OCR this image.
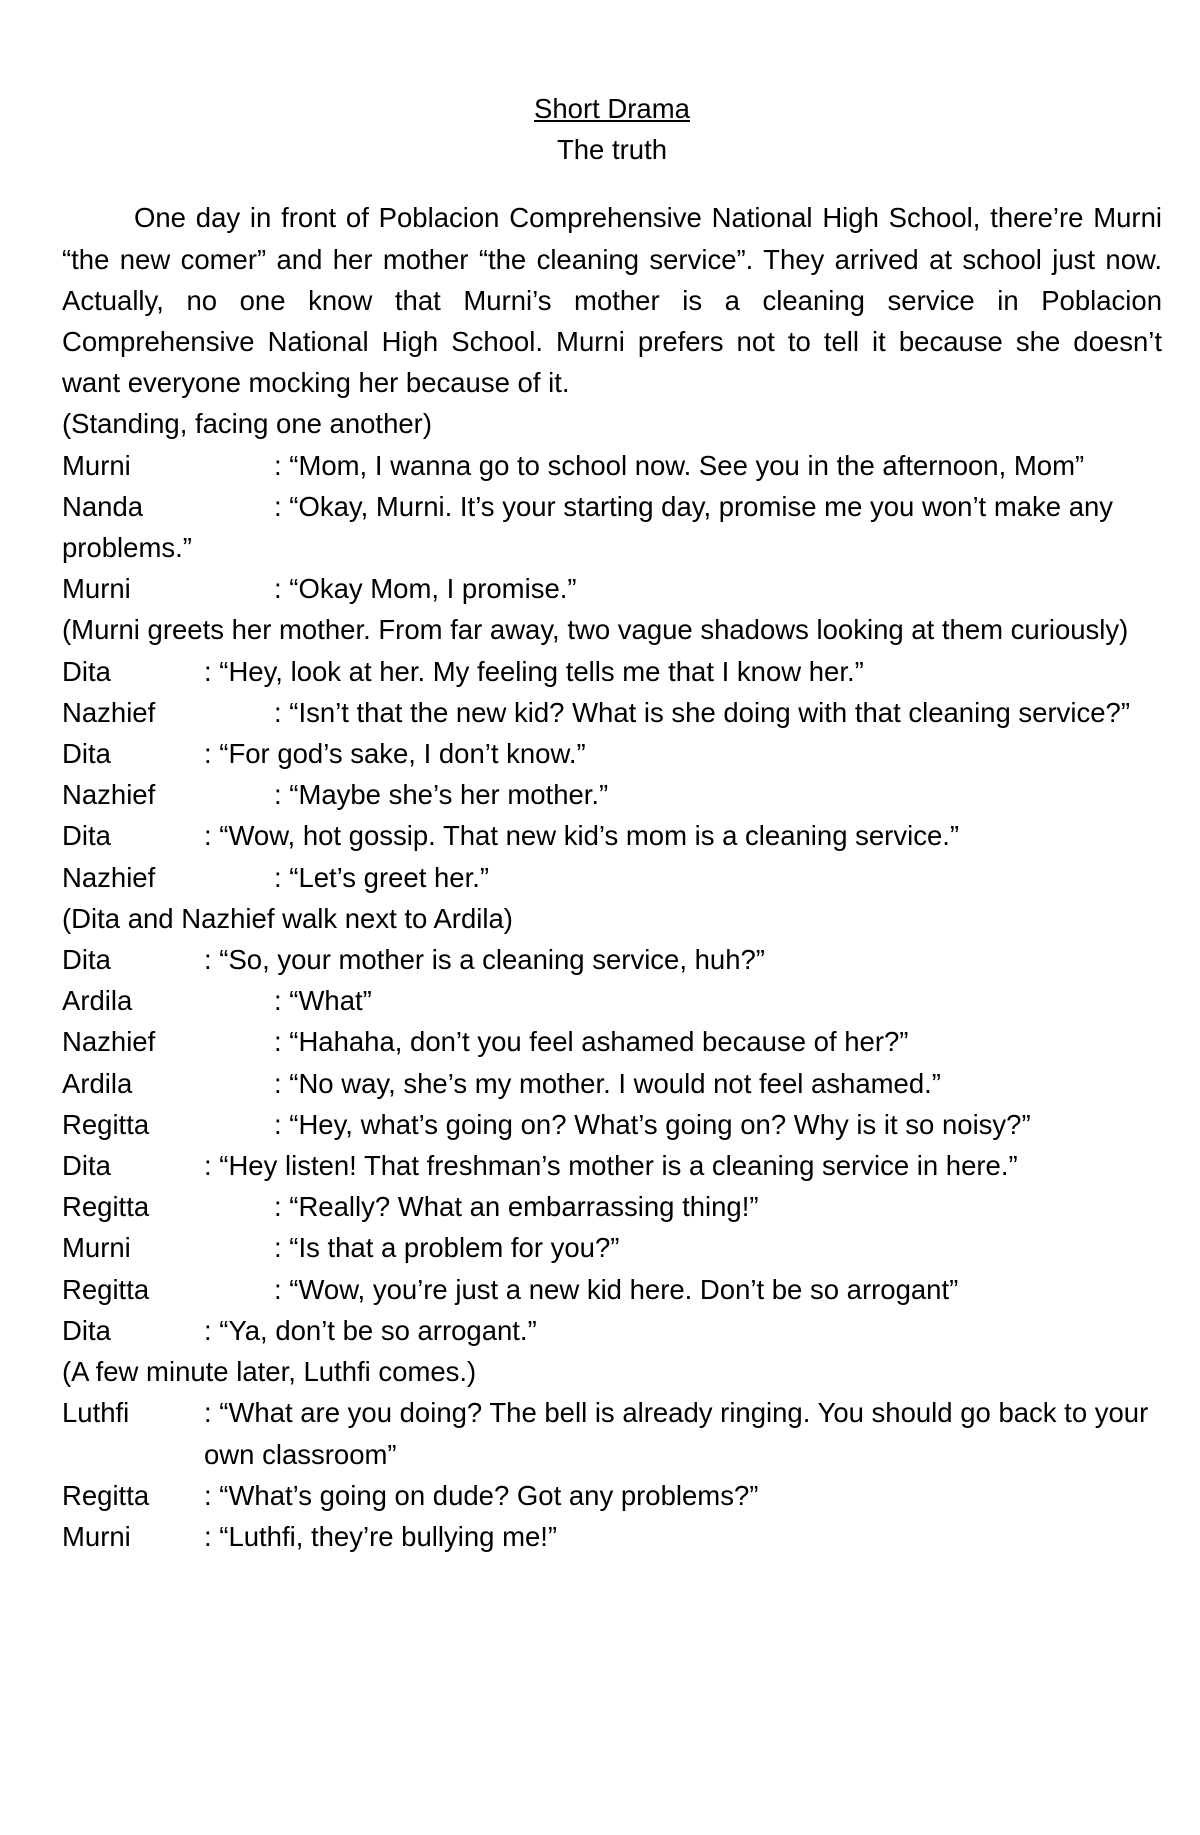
Short Drama

The truth

One day in front of Poblacion Comprehensive National High School, there’re Murni “the new comer” and her mother “the cleaning service”. They arrived at school just now. Actually, no one know that Murni’s mother is a cleaning service in Poblacion Comprehensive National High School. Murni prefers not to tell it because she doesn’t want everyone mocking her because of it.

(Standing, facing one another)

Murni	: “Mom, I wanna go to school now. See you in the afternoon, Mom”
Nanda	: “Okay, Murni. It’s your starting day, promise me you won’t make any problems.”
Murni	: “Okay Mom, I promise.”

(Murni greets her mother. From far away, two vague shadows looking at them curiously)

Dita	: “Hey, look at her. My feeling tells me that I know her.”
Nazhief	: “Isn’t that the new kid? What is she doing with that cleaning service?”
Dita	: “For god’s sake, I don’t know.”
Nazhief	: “Maybe she’s her mother.”
Dita	: “Wow, hot gossip. That new kid’s mom is a cleaning service.”
Nazhief	: “Let’s greet her.”

(Dita and Nazhief walk next to Ardila)

Dita	: “So, your mother is a cleaning service, huh?”
Ardila	: “What”
Nazhief	: “Hahaha, don’t you feel ashamed because of her?”
Ardila	: “No way, she’s my mother. I would not feel ashamed.”
Regitta	: “Hey, what’s going on? What’s going on? Why is it so noisy?”
Dita	: “Hey listen! That freshman’s mother is a cleaning service in here.”
Regitta	: “Really? What an embarrassing thing!”
Murni	: “Is that a problem for you?”
Regitta	: “Wow, you’re just a new kid here. Don’t be so arrogant”
Dita	: “Ya, don’t be so arrogant.”

(A few minute later, Luthfi comes.)

Luthfi	: “What are you doing? The bell is already ringing. You should go back to your own classroom”
Regitta	: “What’s going on dude? Got any problems?”
Murni	: “Luthfi, they’re bullying me!”
